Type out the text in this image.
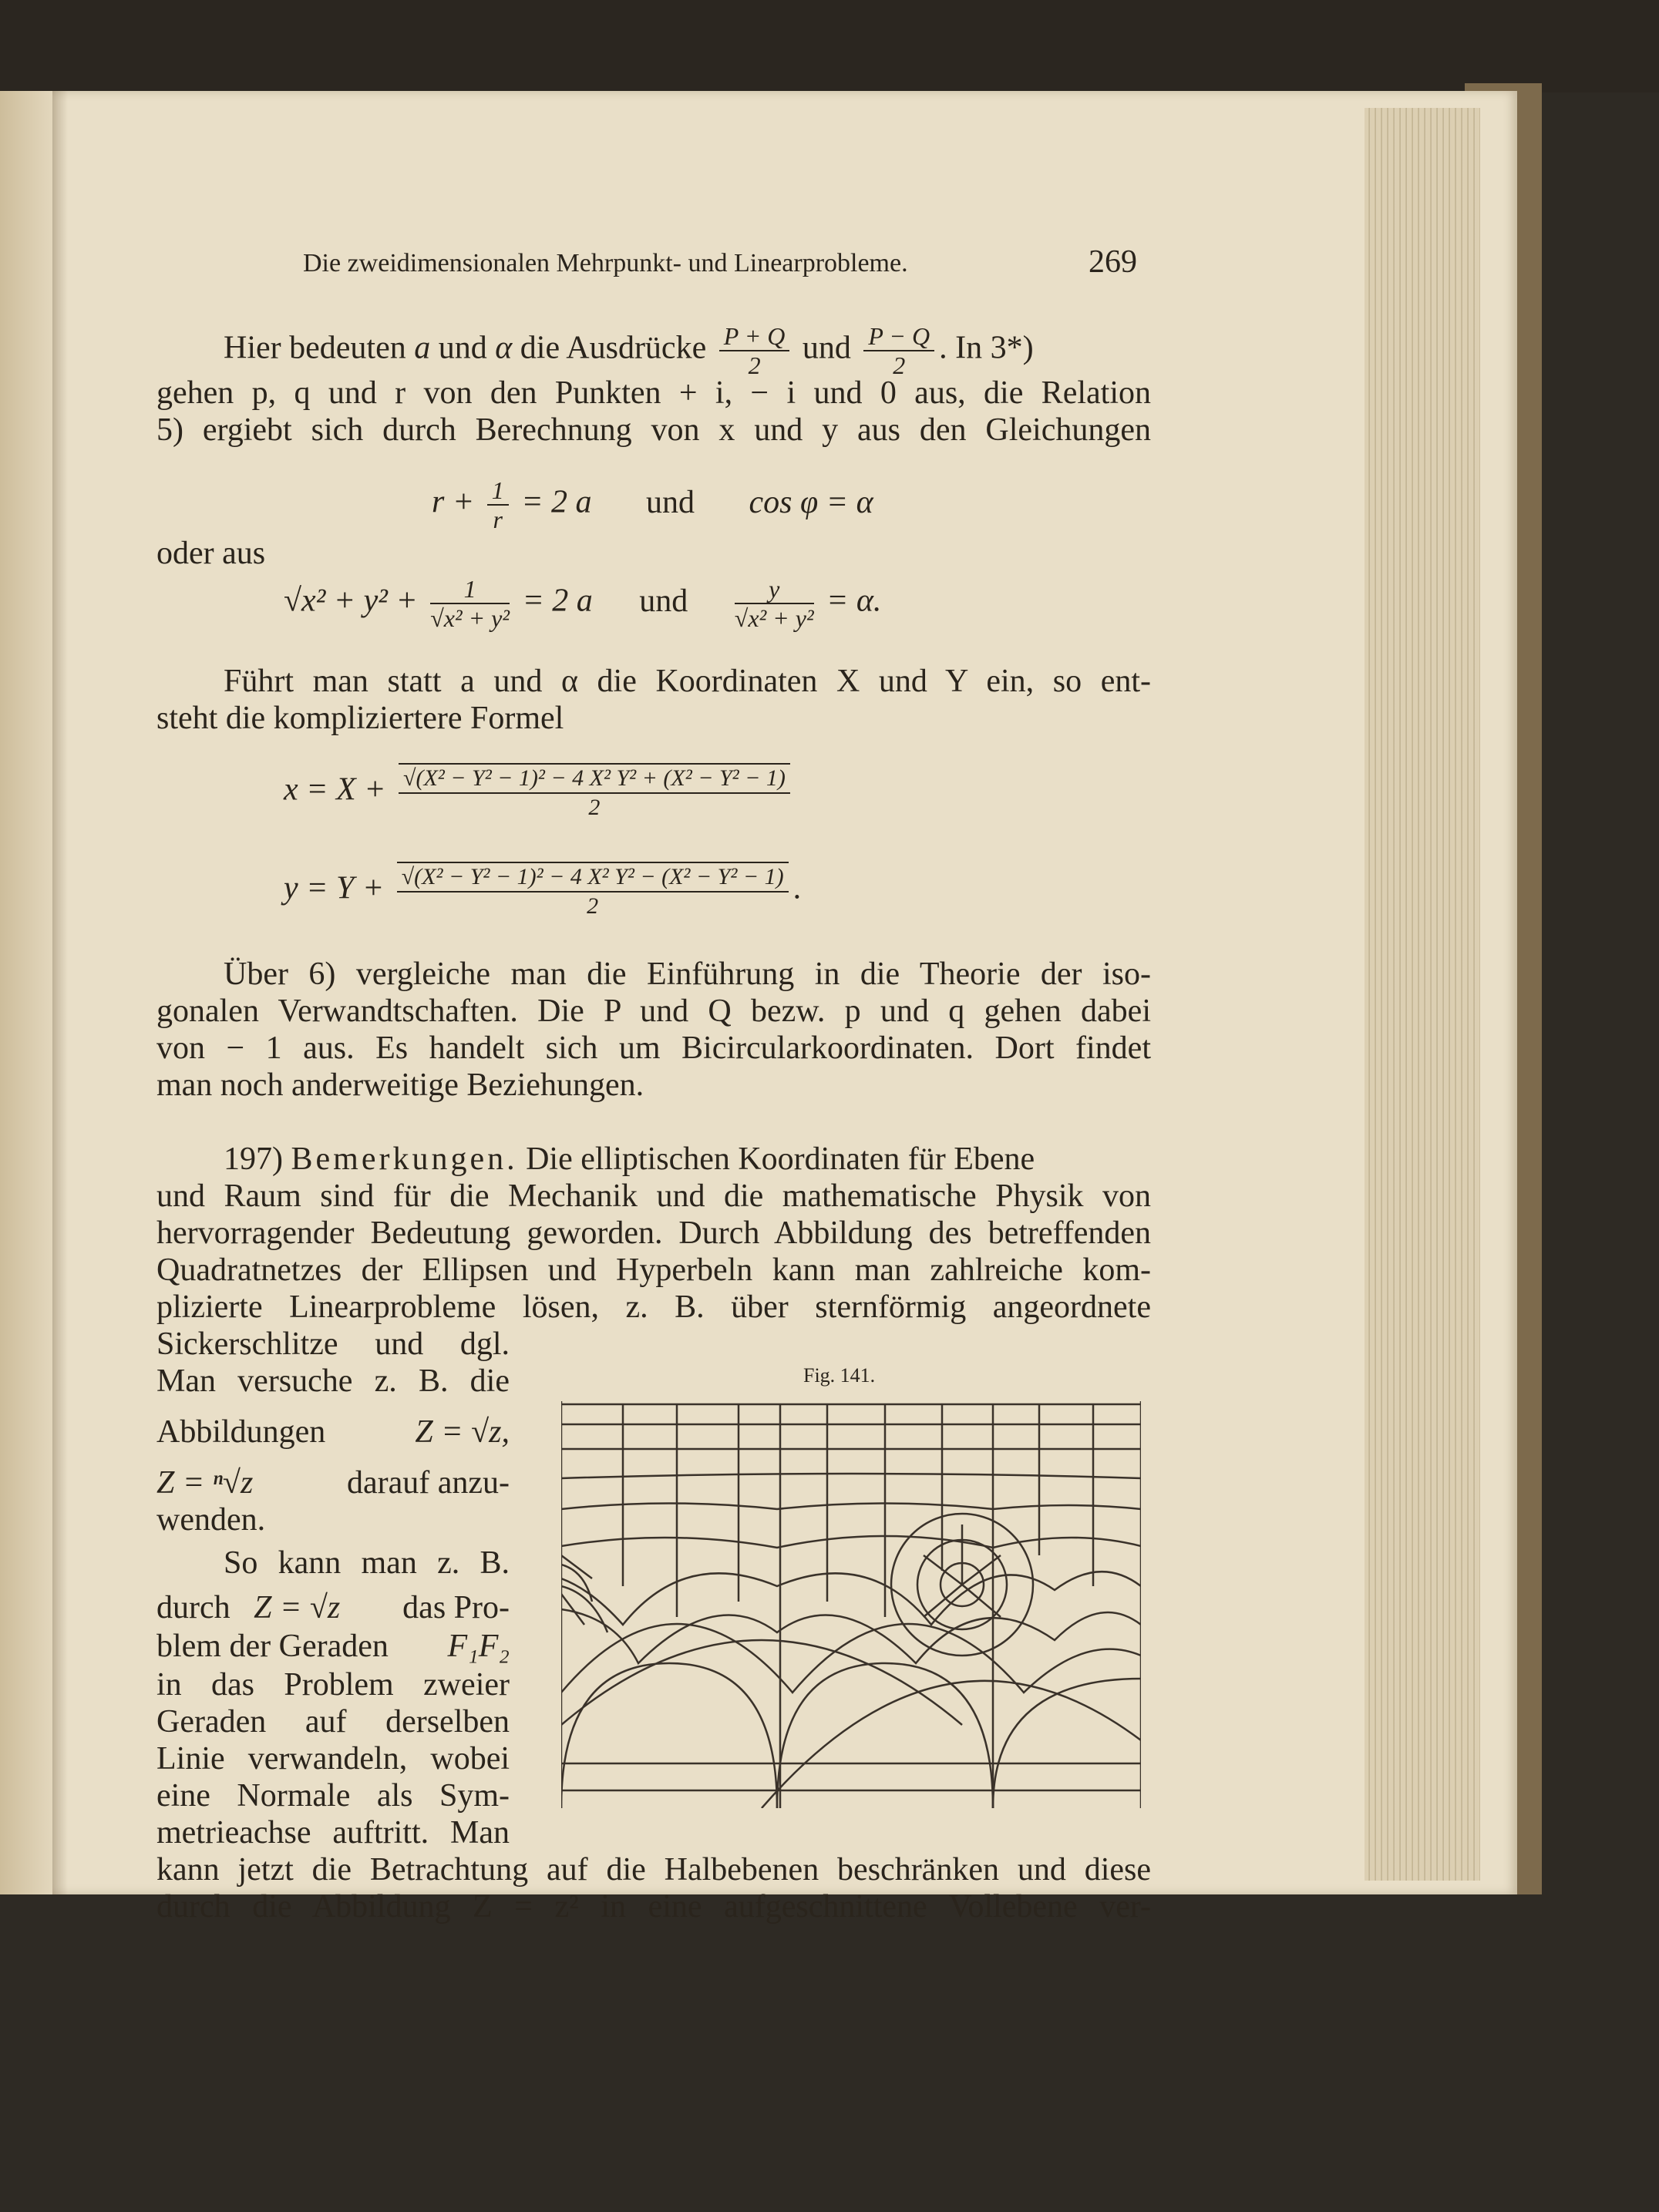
Die zweidimensionalen Mehrpunkt- und Linearprobleme.	269
Hier bedeuten a und α die Ausdrücke $\frac{P + Q}{2}$ und $\frac{P - Q}{2}$ . In 3*)
gehen p, q und r von den Punkten + i, − i und 0 aus, die Relation
5) ergiebt sich durch Berechnung von x und y aus den Gleichungen
$r + \frac{1}{r} = 2$ a und cos φ = α
oder aus
$√x^2 + y^2 + \frac{1}{\text{√x² + y²}} = 2$ a und $\frac{y}{\text{√x² + y²}} = \alpha$.
Führt man statt a und α die Koordinaten X und Y ein, so ent-
steht die kompliziertere Formel
$x = X + \frac{\text{√(X² − Y² − 1)² − 4 X² Y² + (X² − Y² − 1)}}{2}$
$y = Y + \frac{\text{√(X² − Y² − 1)² − 4 X² Y² − (X² − Y² − 1)}}{2}$ .
Über 6) vergleiche man die Einführung in die Theorie der iso-
gonalen Verwandtschaften. Die P und Q bezw. p und q gehen dabei
von − 1 aus. Es handelt sich um Bicircularkoordinaten. Dort findet
man noch anderweitige Beziehungen.
197) Bemerkungen. Die elliptischen Koordinaten für Ebene
und Raum sind für die Mechanik und die mathematische Physik von
hervorragender Bedeutung geworden. Durch Abbildung des betreffenden
Quadratnetzes der Ellipsen und Hyperbeln kann man zahlreiche kom-
plizierte Linearprobleme lösen, z. B. über sternförmig angeordnete
Sickerschlitze und dgl.
Man versuche z. B. die
Abbildungen	Z = √z,
Z = ⁿ√z	darauf anzu-
wenden.
So kann man z. B.
durch Z = √z das Pro-
blem der Geraden F₁F₂
in das Problem zweier
Geraden auf derselben
Linie verwandeln, wobei
eine Normale als Sym-
metrieachse auftritt. Man
Fig. 141.
kann jetzt die Betrachtung auf die Halbebenen beschränken und diese
durch die Abbildung Z = z² in eine aufgeschnittene Vollebene ver-
